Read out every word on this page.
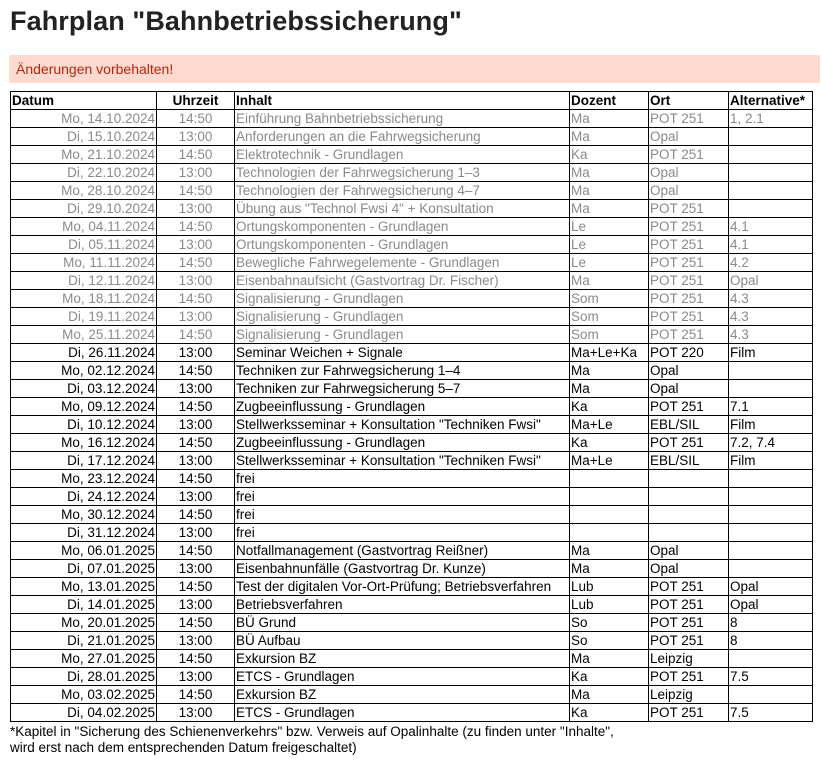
Fahrplan "Bahnbetriebssicherung"
Änderungen vorbehalten!
Datum	Uhrzeit	Inhalt	Dozent	Ort	Alternative*
Mo, 14.10.2024	14:50	Einführung Bahnbetriebssicherung	Ma	POT 251	1, 2.1
Di, 15.10.2024	13:00	Anforderungen an die Fahrwegsicherung	Ma	Opal	
Mo, 21.10.2024	14:50	Elektrotechnik - Grundlagen	Ka	POT 251	
Di, 22.10.2024	13:00	Technologien der Fahrwegsicherung 1–3	Ma	Opal	
Mo, 28.10.2024	14:50	Technologien der Fahrwegsicherung 4–7	Ma	Opal	
Di, 29.10.2024	13:00	Übung aus "Technol Fwsi 4" + Konsultation	Ma	POT 251	
Mo, 04.11.2024	14:50	Ortungskomponenten - Grundlagen	Le	POT 251	4.1
Di, 05.11.2024	13:00	Ortungskomponenten - Grundlagen	Le	POT 251	4.1
Mo, 11.11.2024	14:50	Bewegliche Fahrwegelemente - Grundlagen	Le	POT 251	4.2
Di, 12.11.2024	13:00	Eisenbahnaufsicht (Gastvortrag Dr. Fischer)	Ma	POT 251	Opal
Mo, 18.11.2024	14:50	Signalisierung - Grundlagen	Som	POT 251	4.3
Di, 19.11.2024	13:00	Signalisierung - Grundlagen	Som	POT 251	4.3
Mo, 25.11.2024	14:50	Signalisierung - Grundlagen	Som	POT 251	4.3
Di, 26.11.2024	13:00	Seminar Weichen + Signale	Ma+Le+Ka	POT 220	Film
Mo, 02.12.2024	14:50	Techniken zur Fahrwegsicherung 1–4	Ma	Opal	
Di, 03.12.2024	13:00	Techniken zur Fahrwegsicherung 5–7	Ma	Opal	
Mo, 09.12.2024	14:50	Zugbeeinflussung - Grundlagen	Ka	POT 251	7.1
Di, 10.12.2024	13:00	Stellwerksseminar + Konsultation "Techniken Fwsi"	Ma+Le	EBL/SIL	Film
Mo, 16.12.2024	14:50	Zugbeeinflussung - Grundlagen	Ka	POT 251	7.2, 7.4
Di, 17.12.2024	13:00	Stellwerksseminar + Konsultation "Techniken Fwsi"	Ma+Le	EBL/SIL	Film
Mo, 23.12.2024	14:50	frei			
Di, 24.12.2024	13:00	frei			
Mo, 30.12.2024	14:50	frei			
Di, 31.12.2024	13:00	frei			
Mo, 06.01.2025	14:50	Notfallmanagement (Gastvortrag Reißner)	Ma	Opal	
Di, 07.01.2025	13:00	Eisenbahnunfälle (Gastvortrag Dr. Kunze)	Ma	Opal	
Mo, 13.01.2025	14:50	Test der digitalen Vor-Ort-Prüfung; Betriebsverfahren	Lub	POT 251	Opal
Di, 14.01.2025	13:00	Betriebsverfahren	Lub	POT 251	Opal
Mo, 20.01.2025	14:50	BÜ Grund	So	POT 251	8
Di, 21.01.2025	13:00	BÜ Aufbau	So	POT 251	8
Mo, 27.01.2025	14:50	Exkursion BZ	Ma	Leipzig	
Di, 28.01.2025	13:00	ETCS - Grundlagen	Ka	POT 251	7.5
Mo, 03.02.2025	14:50	Exkursion BZ	Ma	Leipzig	
Di, 04.02.2025	13:00	ETCS - Grundlagen	Ka	POT 251	7.5
*Kapitel in "Sicherung des Schienenverkehrs" bzw. Verweis auf Opalinhalte (zu finden unter "Inhalte",
wird erst nach dem entsprechenden Datum freigeschaltet)
